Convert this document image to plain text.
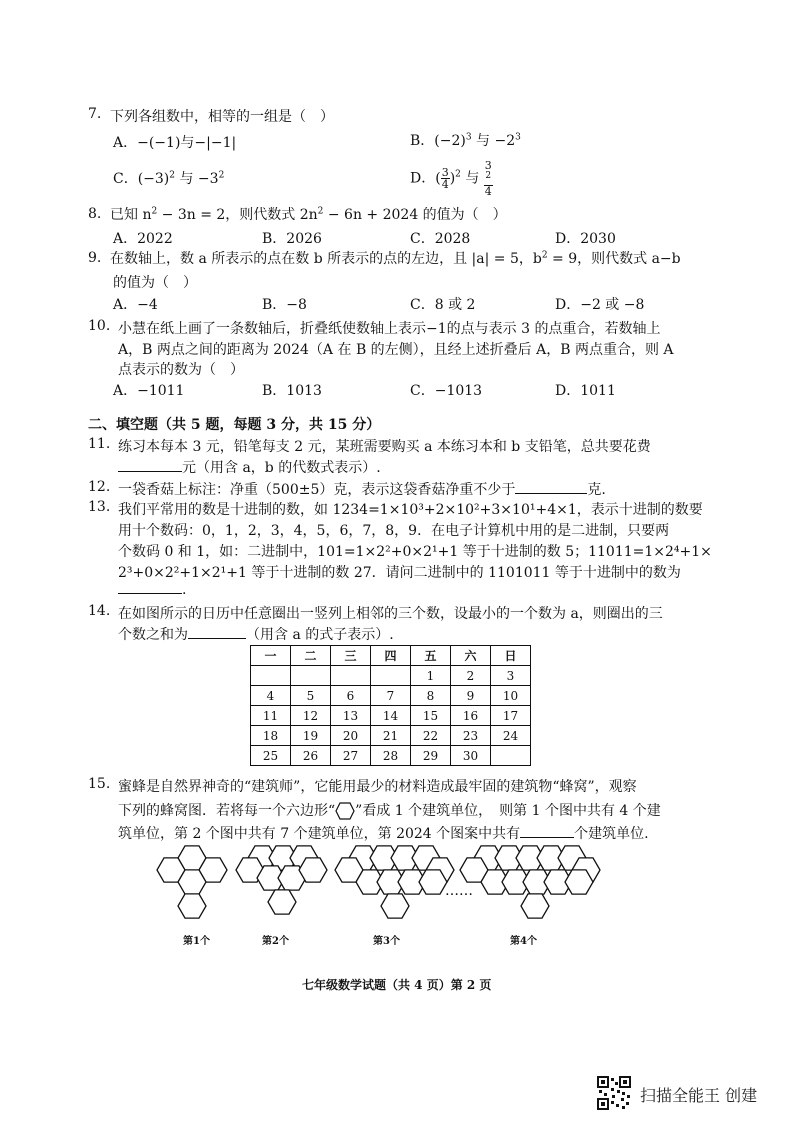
7. 下列各组数中，相等的一组是（　）
A．−(−1)与−|−1|	B．$(-2)^3$ 与 $-2^3$
C．$(-3)^2$ 与 $-3^2$	D．( $\frac{3}{4} )^2$ 与 3
$^2$
4
8. 已知 $n^2 - 3n = 2$，则代数式 $2n^2 - 6n + 2024$ 的值为（　）
A．2022	B．2026	C．2028	D．2030
9. 在数轴上，数 a 所表示的点在数 b 所表示的点的左边，且 |a| = 5，$b^2 = 9$，则代数式 a−b
的值为（　）
A．−4	B．−8	C．8 或 2	D．−2 或 −8
10. 小慧在纸上画了一条数轴后，折叠纸使数轴上表示−1的点与表示 3 的点重合，若数轴上
A，B 两点之间的距离为 2024（A 在 B 的左侧），且经上述折叠后 A，B 两点重合，则 A
点表示的数为（　）
A．−1011	B．1013	C．−1013	D．1011
二、填空题（共 5 题，每题 3 分，共 15 分）
11. 练习本每本 3 元，铅笔每支 2 元，某班需要购买 a 本练习本和 b 支铅笔，总共要花费
元（用含 a，b 的代数式表示）.
12. 一袋香菇上标注：净重（500±5）克，表示这袋香菇净重不少于	克.
13. 我们平常用的数是十进制的数，如 1234=1×10³+2×10²+3×10¹+4×1，表示十进制的数要
用十个数码：0，1，2，3，4，5，6，7，8，9．在电子计算机中用的是二进制，只要两
个数码 0 和 1，如：二进制中，101=1×2²+0×2¹+1 等于十进制的数 5；11011=1×2⁴+1×
2³+0×2²+1×2¹+1 等于十进制的数 27．请问二进制中的 1101011 等于十进制中的数为
.
14. 在如图所示的日历中任意圈出一竖列上相邻的三个数，设最小的一个数为 a，则圈出的三
个数之和为	（用含 a 的式子表示）.
一	二	三	四	五	六	日
				1	2	3
4	5	6	7	8	9	10
11	12	13	14	15	16	17
18	19	20	21	22	23	24
25	26	27	28	29	30	
15. 蜜蜂是自然界神奇的“建筑师”，它能用最少的材料造成最牢固的建筑物“蜂窝”，观察
下列的蜂窝图．若将每一个六边形“ ”看成 1 个建筑单位，　则第 1 个图中共有 4 个建
筑单位，第 2 个图中共有 7 个建筑单位，第 2024 个图案中共有	个建筑单位.
……
第1个	第2个	第3个	第4个
七年级数学试题（共 4 页）第 2 页
扫描全能王 创建
